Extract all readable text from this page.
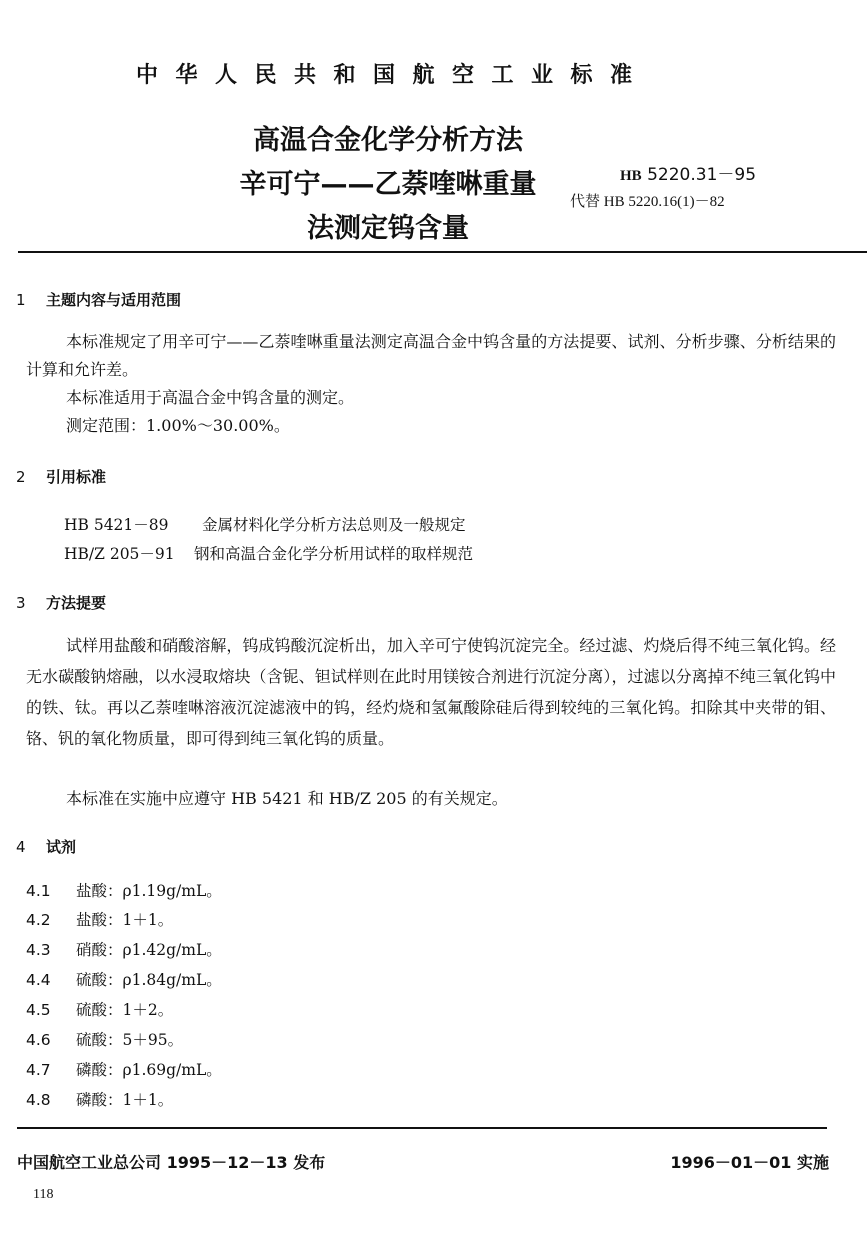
中华人民共和国航空工业标准
高温合金化学分析方法
辛可宁——乙萘喹啉重量
法测定钨含量
HB 5220.31－95
代替 HB 5220.16(1)－82
1 主题内容与适用范围
本标准规定了用辛可宁——乙萘喹啉重量法测定高温合金中钨含量的方法提要、试剂、分析步骤、分析结果的计算和允许差。
本标准适用于高温合金中钨含量的测定。
测定范围：1.00%～30.00%。
2 引用标准
HB 5421－89 金属材料化学分析方法总则及一般规定
HB/Z 205－91 钢和高温合金化学分析用试样的取样规范
3 方法提要
试样用盐酸和硝酸溶解，钨成钨酸沉淀析出，加入辛可宁使钨沉淀完全。经过滤、灼烧后得不纯三氧化钨。经无水碳酸钠熔融，以水浸取熔块（含铌、钽试样则在此时用镁铵合剂进行沉淀分离），过滤以分离掉不纯三氧化钨中的铁、钛。再以乙萘喹啉溶液沉淀滤液中的钨，经灼烧和氢氟酸除硅后得到较纯的三氧化钨。扣除其中夹带的钼、铬、钒的氧化物质量，即可得到纯三氧化钨的质量。
本标准在实施中应遵守 HB 5421 和 HB/Z 205 的有关规定。
4 试剂
4.1 盐酸：ρ1.19g/mL。
4.2 盐酸：1＋1。
4.3 硝酸：ρ1.42g/mL。
4.4 硫酸：ρ1.84g/mL。
4.5 硫酸：1＋2。
4.6 硫酸：5＋95。
4.7 磷酸：ρ1.69g/mL。
4.8 磷酸：1＋1。
中国航空工业总公司 1995－12－13 发布	1996－01－01 实施
118
